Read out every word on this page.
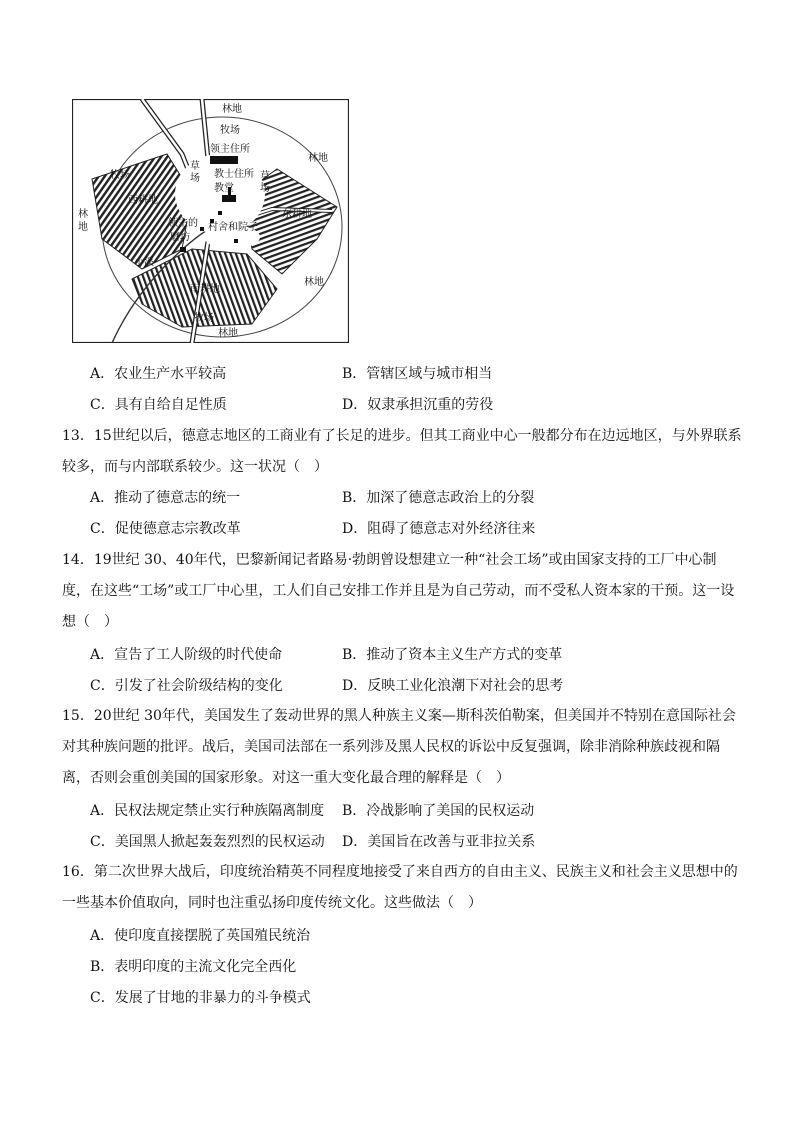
林地
牧场
领主住所
草
场 教士住所
教堂
林地
草
场
牧场
西耕地
东耕地
林
地	领主的
磨坊
村舍和院子
小溪
南耕地
林地
牧场
林地
A．农业生产水平较高	B．管辖区域与城市相当
C．具有自给自足性质	D．奴隶承担沉重的劳役

13．15世纪以后，德意志地区的工商业有了长足的进步。但其工商业中心一般都分布在边远地区，与外界联系较多，而与内部联系较少。这一状况（　）

A．推动了德意志的统一	B．加深了德意志政治上的分裂
C．促使德意志宗教改革	D．阻碍了德意志对外经济往来

14．19世纪 30、40年代，巴黎新闻记者路易·勃朗曾设想建立一种“社会工场”或由国家支持的工厂中心制度，在这些“工场”或工厂中心里，工人们自己安排工作并且是为自己劳动，而不受私人资本家的干预。这一设想（　）

A．宣告了工人阶级的时代使命	B．推动了资本主义生产方式的变革
C．引发了社会阶级结构的变化	D．反映工业化浪潮下对社会的思考

15．20世纪 30年代，美国发生了轰动世界的黑人种族主义案—斯科茨伯勒案，但美国并不特别在意国际社会对其种族问题的批评。战后，美国司法部在一系列涉及黑人民权的诉讼中反复强调，除非消除种族歧视和隔离，否则会重创美国的国家形象。对这一重大变化最合理的解释是（　）

A．民权法规定禁止实行种族隔离制度 B．冷战影响了美国的民权运动
C．美国黑人掀起轰轰烈烈的民权运动 D．美国旨在改善与亚非拉关系

16．第二次世界大战后，印度统治精英不同程度地接受了来自西方的自由主义、民族主义和社会主义思想中的一些基本价值取向，同时也注重弘扬印度传统文化。这些做法（　）

A．使印度直接摆脱了英国殖民统治
B．表明印度的主流文化完全西化
C．发展了甘地的非暴力的斗争模式
